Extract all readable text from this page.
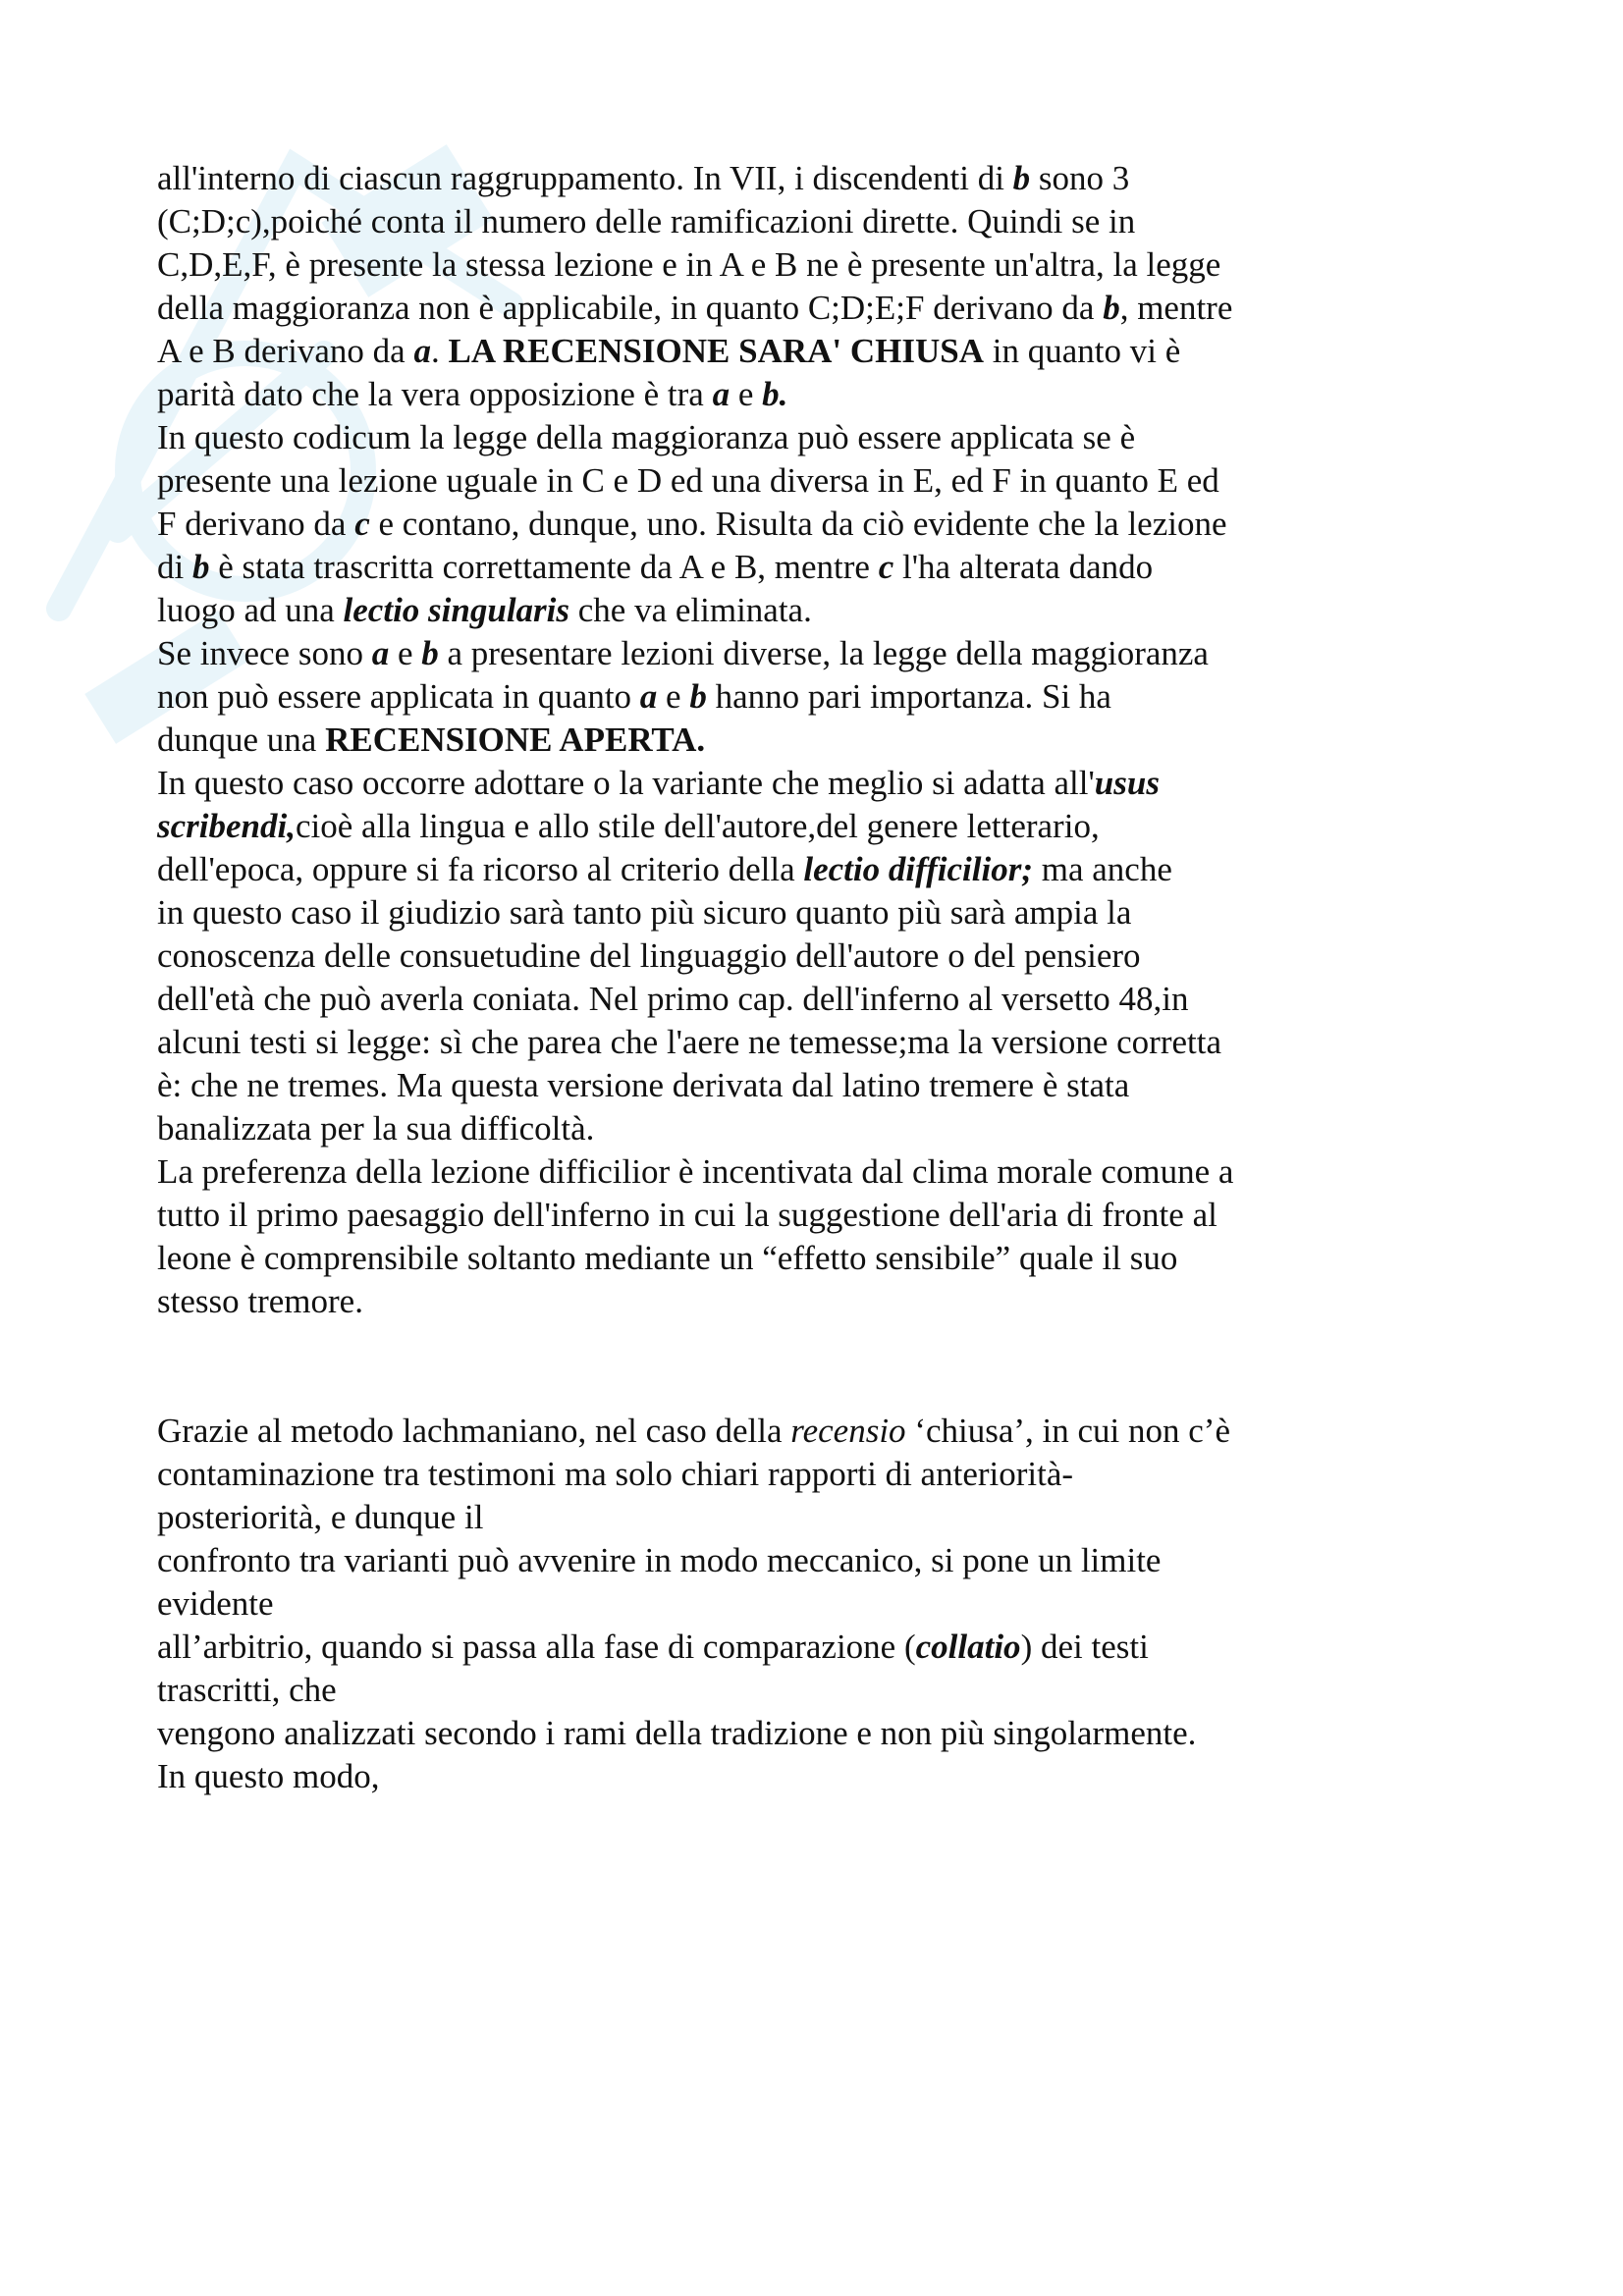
all'interno di ciascun raggruppamento. In VII, i discendenti di b sono 3
(C;D;c),poiché conta il numero delle ramificazioni dirette. Quindi se in
C,D,E,F, è presente la stessa lezione e in A e B ne è presente un'altra, la legge
della maggioranza non è applicabile, in quanto C;D;E;F derivano da b, mentre
A e B derivano da a. LA RECENSIONE SARA' CHIUSA in quanto vi è
parità dato che la vera opposizione è tra a e b.
In questo codicum la legge della maggioranza può essere applicata se è
presente una lezione uguale in C e D ed una diversa in E, ed F in quanto E ed
F derivano da c e contano, dunque, uno. Risulta da ciò evidente che la lezione
di b è stata trascritta correttamente da A e B, mentre c l'ha alterata dando
luogo ad una lectio singularis che va eliminata.
Se invece sono a e b a presentare lezioni diverse, la legge della maggioranza
non può essere applicata in quanto a e b hanno pari importanza. Si ha
dunque una RECENSIONE APERTA.
In questo caso occorre adottare o la variante che meglio si adatta all'usus
scribendi,cioè alla lingua e allo stile dell'autore,del genere letterario,
dell'epoca, oppure si fa ricorso al criterio della lectio difficilior; ma anche
in questo caso il giudizio sarà tanto più sicuro quanto più sarà ampia la
conoscenza delle consuetudine del linguaggio dell'autore o del pensiero
dell'età che può averla coniata. Nel primo cap. dell'inferno al versetto 48,in
alcuni testi si legge: sì che parea che l'aere ne temesse;ma la versione corretta
è: che ne tremes. Ma questa versione derivata dal latino tremere è stata
banalizzata per la sua difficoltà.
La preferenza della lezione difficilior è incentivata dal clima morale comune a
tutto il primo paesaggio dell'inferno in cui la suggestione dell'aria di fronte al
leone è comprensibile soltanto mediante un “effetto sensibile” quale il suo
stesso tremore.
Grazie al metodo lachmaniano, nel caso della recensio ‘chiusa’, in cui non c’è
contaminazione tra testimoni ma solo chiari rapporti di anteriorità-
posteriorità, e dunque il
confronto tra varianti può avvenire in modo meccanico, si pone un limite
evidente
all’arbitrio, quando si passa alla fase di comparazione (collatio) dei testi
trascritti, che
vengono analizzati secondo i rami della tradizione e non più singolarmente.
In questo modo,
